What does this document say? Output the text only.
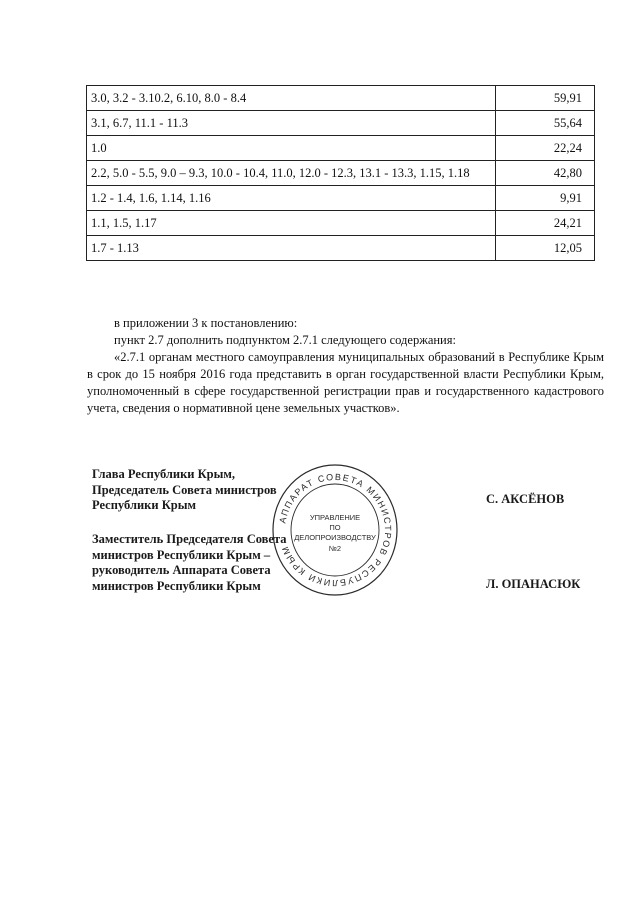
3.0, 3.2 - 3.10.2, 6.10, 8.0 - 8.4	59,91
3.1, 6.7, 11.1 - 11.3	55,64
1.0	22,24
2.2, 5.0 - 5.5, 9.0 – 9.3, 10.0 - 10.4, 11.0, 12.0 - 12.3, 13.1 - 13.3, 1.15, 1.18	42,80
1.2 - 1.4, 1.6, 1.14, 1.16	9,91
1.1, 1.5, 1.17	24,21
1.7 - 1.13	12,05

в приложении 3 к постановлению:

пункт 2.7 дополнить подпунктом 2.7.1 следующего содержания:

«2.7.1 органам местного самоуправления муниципальных образований в Республике Крым в срок до 15 ноября 2016 года представить в орган государственной власти Республики Крым, уполномоченный в сфере государственной регистрации прав и государственного кадастрового учета, сведения о нормативной цене земельных участков».

Глава Республики Крым,
Председатель Совета министров
Республики Крым	С. АКСЁНОВ
Заместитель Председателя Совета
министров Республики Крым –
руководитель Аппарата Совета
министров Республики Крым	Л. ОПАНАСЮК
АППАРАТ СОВЕТА МИНИСТРОВ РЕСПУБЛИКИ КРЫМ
УПРАВЛЕНИЕ
ПО
ДЕЛОПРОИЗВОДСТВУ
№2
